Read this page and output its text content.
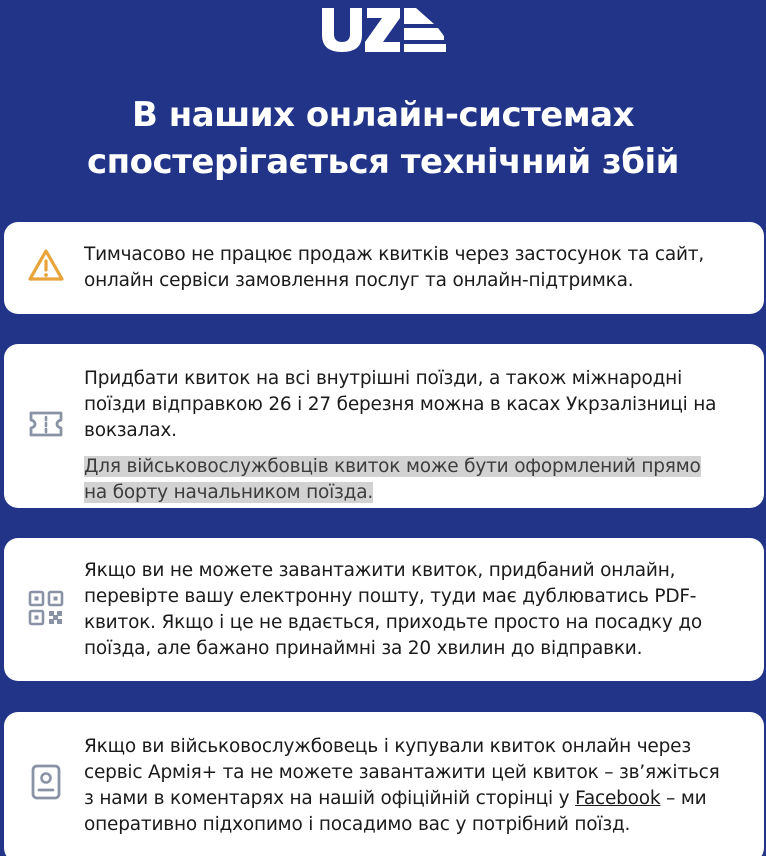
В наших онлайн-системах
спостерігається технічний збій

Тимчасово не працює продаж квитків через застосунок та сайт, онлайн сервіси замовлення послуг та онлайн-підтримка.

Придбати квиток на всі внутрішні поїзди, а також міжнародні поїзди відправкою 26 і 27 березня можна в касах Укрзалізниці на вокзалах.

Для військовослужбовців квиток може бути оформлений прямо на борту начальником поїзда.

Якщо ви не можете завантажити квиток, придбаний онлайн, перевірте вашу електронну пошту, туди має дублюватись PDF-квиток. Якщо і це не вдається, приходьте просто на посадку до поїзда, але бажано принаймні за 20 хвилин до відправки.

Якщо ви військовослужбовець і купували квиток онлайн через сервіс Армія+ та не можете завантажити цей квиток – зв’яжіться з нами в коментарях на нашій офіційній сторінці у Facebook – ми оперативно підхопимо і посадимо вас у потрібний поїзд.
